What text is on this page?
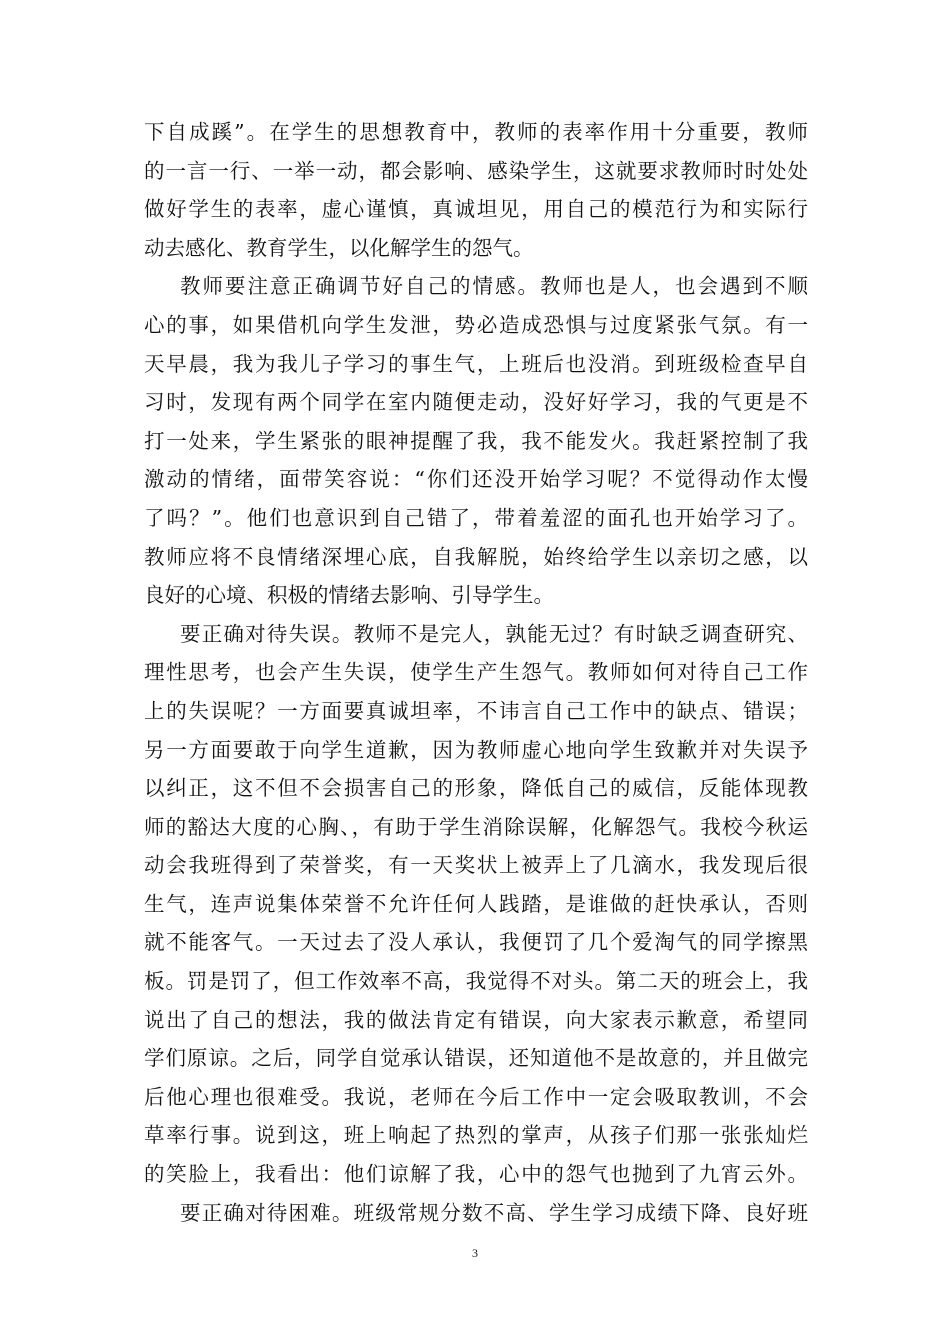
下自成蹊”。在学生的思想教育中，教师的表率作用十分重要，教师
的一言一行、一举一动，都会影响、感染学生，这就要求教师时时处处
做好学生的表率，虚心谨慎，真诚坦见，用自己的模范行为和实际行
动去感化、教育学生，以化解学生的怨气。
教师要注意正确调节好自己的情感。教师也是人，也会遇到不顺
心的事，如果借机向学生发泄，势必造成恐惧与过度紧张气氛。有一
天早晨，我为我儿子学习的事生气，上班后也没消。到班级检查早自
习时，发现有两个同学在室内随便走动，没好好学习，我的气更是不
打一处来，学生紧张的眼神提醒了我，我不能发火。我赶紧控制了我
激动的情绪，面带笑容说：“你们还没开始学习呢？不觉得动作太慢
了吗？”。他们也意识到自己错了，带着羞涩的面孔也开始学习了。
教师应将不良情绪深埋心底，自我解脱，始终给学生以亲切之感，以
良好的心境、积极的情绪去影响、引导学生。
要正确对待失误。教师不是完人，孰能无过？有时缺乏调查研究、
理性思考，也会产生失误，使学生产生怨气。教师如何对待自己工作
上的失误呢？一方面要真诚坦率，不讳言自己工作中的缺点、错误；
另一方面要敢于向学生道歉，因为教师虚心地向学生致歉并对失误予
以纠正，这不但不会损害自己的形象，降低自己的威信，反能体现教
师的豁达大度的心胸、，有助于学生消除误解，化解怨气。我校今秋运
动会我班得到了荣誉奖，有一天奖状上被弄上了几滴水，我发现后很
生气，连声说集体荣誉不允许任何人践踏，是谁做的赶快承认，否则
就不能客气。一天过去了没人承认，我便罚了几个爱淘气的同学擦黑
板。罚是罚了，但工作效率不高，我觉得不对头。第二天的班会上，我
说出了自己的想法，我的做法肯定有错误，向大家表示歉意，希望同
学们原谅。之后，同学自觉承认错误，还知道他不是故意的，并且做完
后他心理也很难受。我说，老师在今后工作中一定会吸取教训，不会
草率行事。说到这，班上响起了热烈的掌声，从孩子们那一张张灿烂
的笑脸上，我看出：他们谅解了我，心中的怨气也抛到了九宵云外。
要正确对待困难。班级常规分数不高、学生学习成绩下降、良好班
3
